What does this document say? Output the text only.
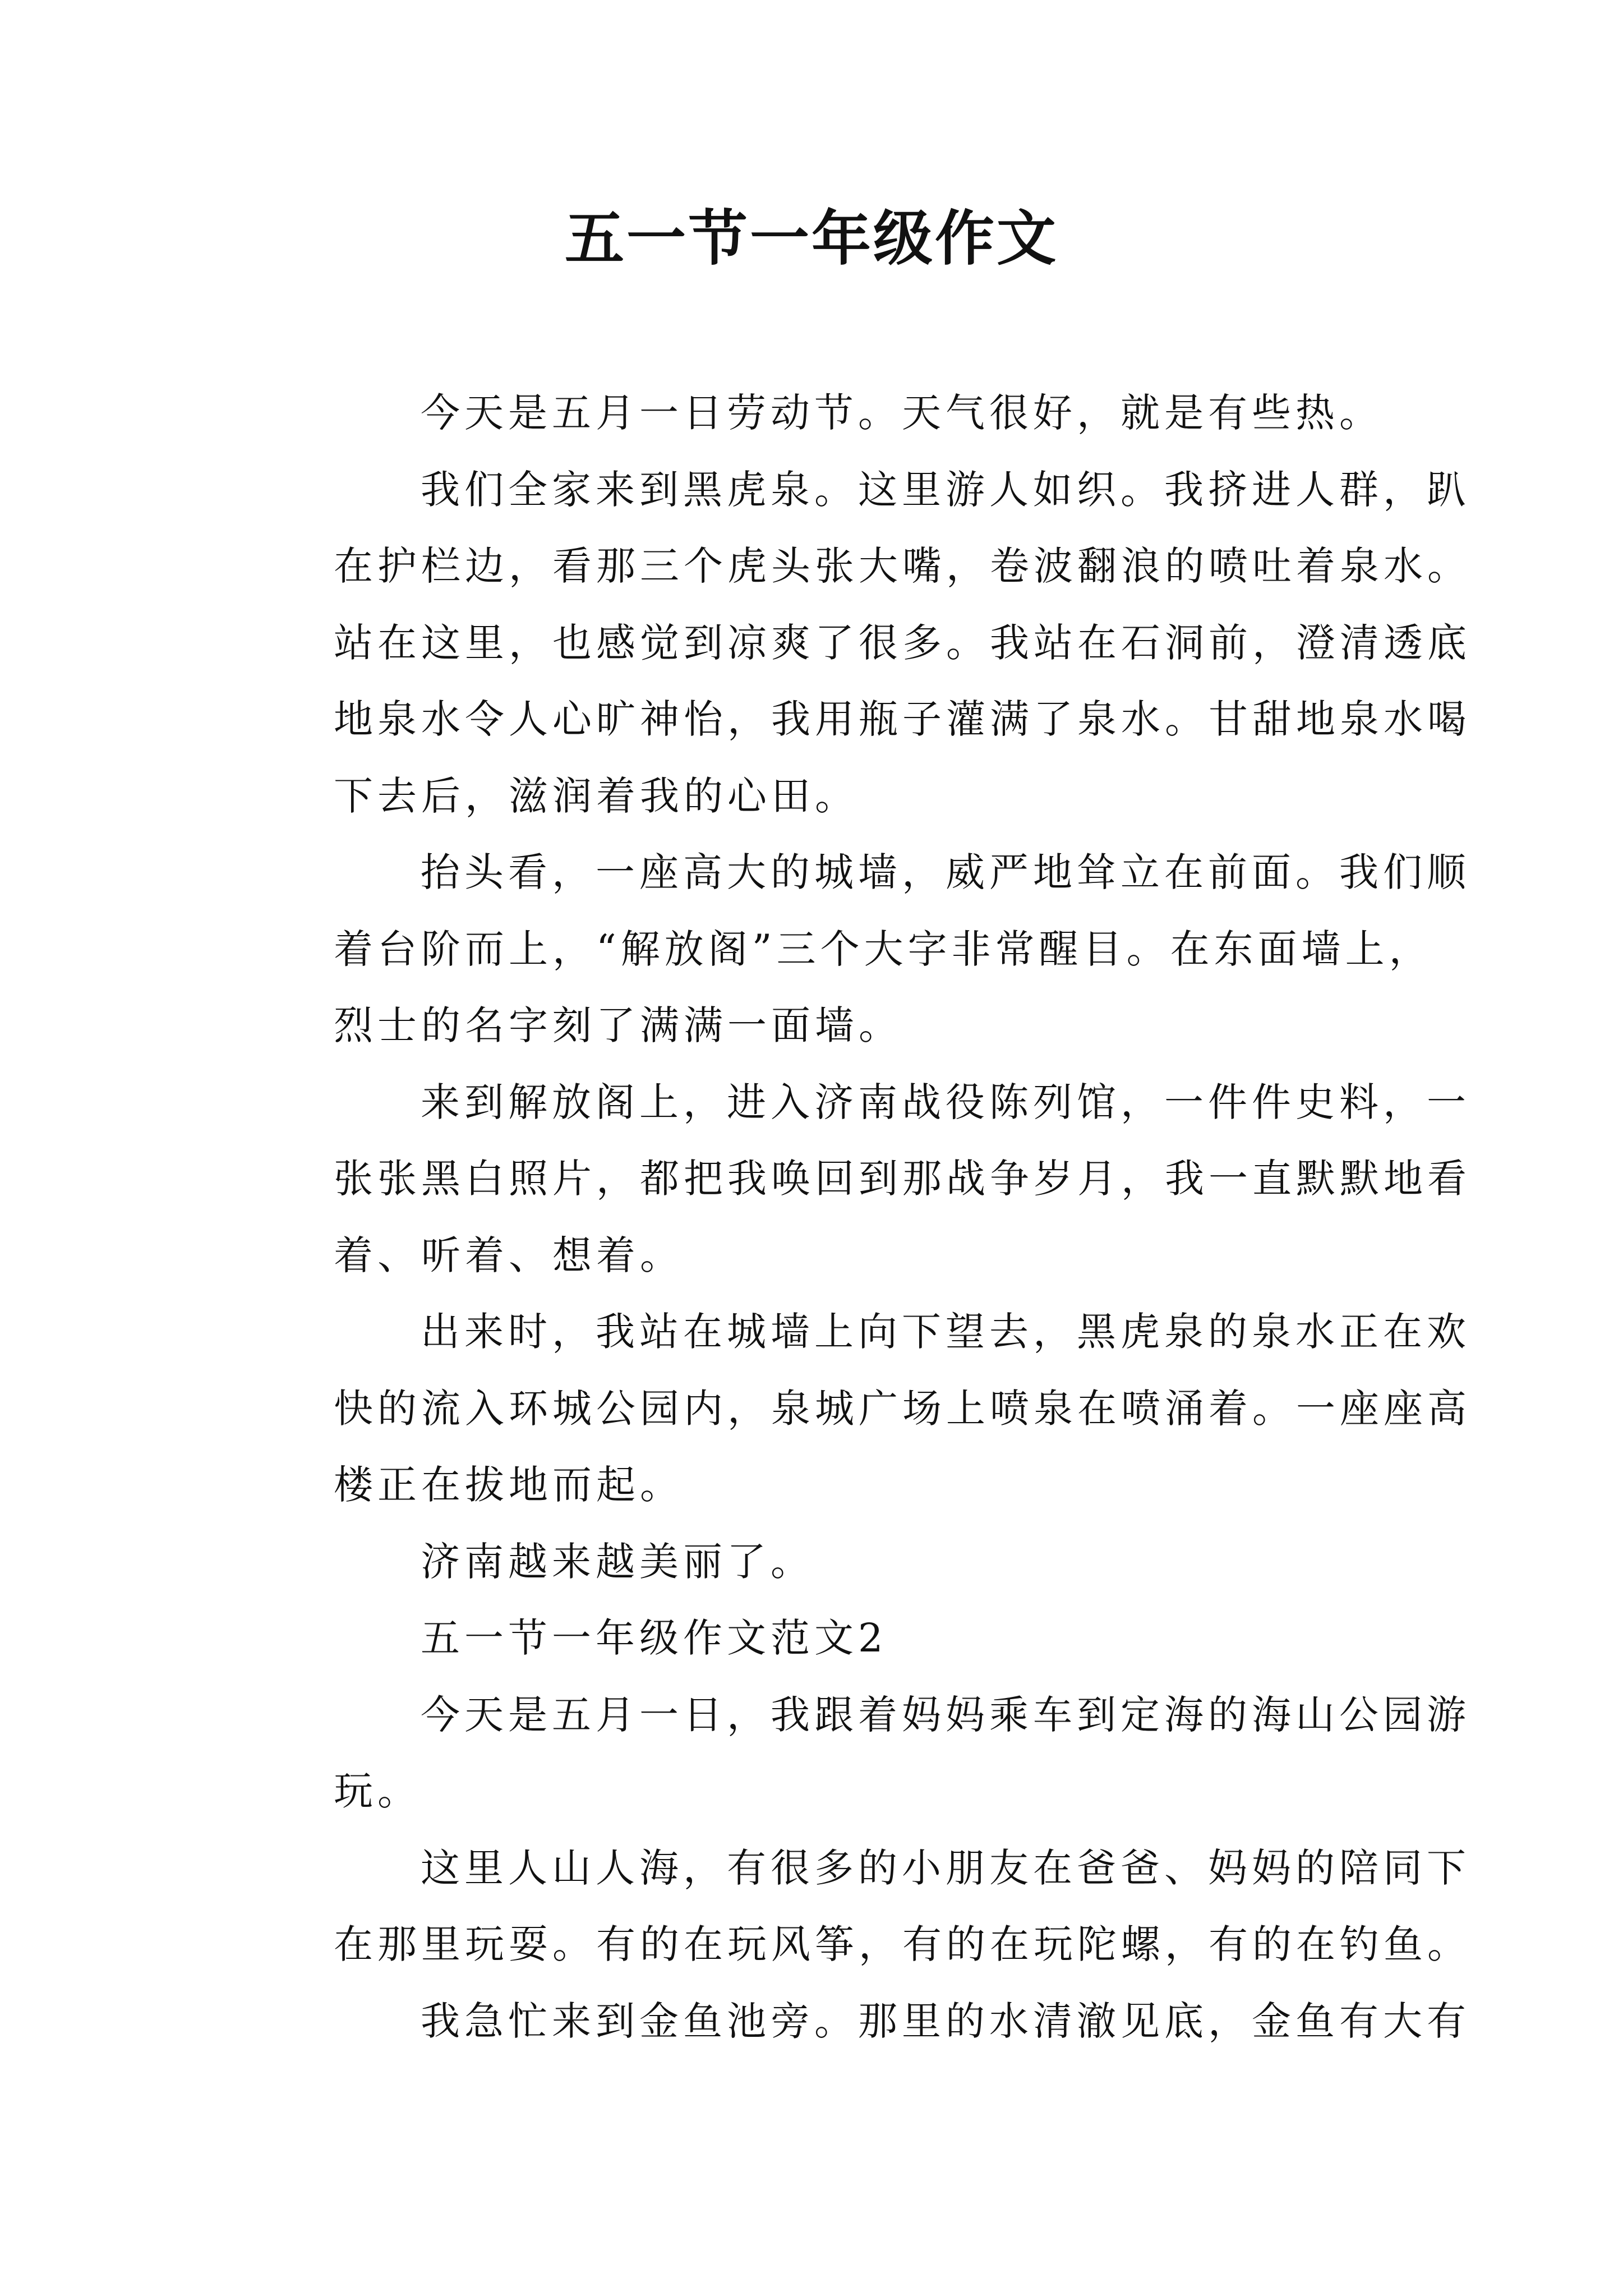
五一节一年级作文
今天是五月一日劳动节。天气很好，就是有些热。
我们全家来到黑虎泉。这里游人如织。我挤进人群，趴
在护栏边，看那三个虎头张大嘴，卷波翻浪的喷吐着泉水。
站在这里，也感觉到凉爽了很多。我站在石洞前，澄清透底
地泉水令人心旷神怡，我用瓶子灌满了泉水。甘甜地泉水喝
下去后，滋润着我的心田。
抬头看，一座高大的城墙，威严地耸立在前面。我们顺
着台阶而上，“解放阁”三个大字非常醒目。在东面墙上，
烈士的名字刻了满满一面墙。
来到解放阁上，进入济南战役陈列馆，一件件史料，一
张张黑白照片，都把我唤回到那战争岁月，我一直默默地看
着、听着、想着。
出来时，我站在城墙上向下望去，黑虎泉的泉水正在欢
快的流入环城公园内，泉城广场上喷泉在喷涌着。一座座高
楼正在拔地而起。
济南越来越美丽了。
五一节一年级作文范文2
今天是五月一日，我跟着妈妈乘车到定海的海山公园游
玩。
这里人山人海，有很多的小朋友在爸爸、妈妈的陪同下
在那里玩耍。有的在玩风筝，有的在玩陀螺，有的在钓鱼。
我急忙来到金鱼池旁。那里的水清澈见底，金鱼有大有
